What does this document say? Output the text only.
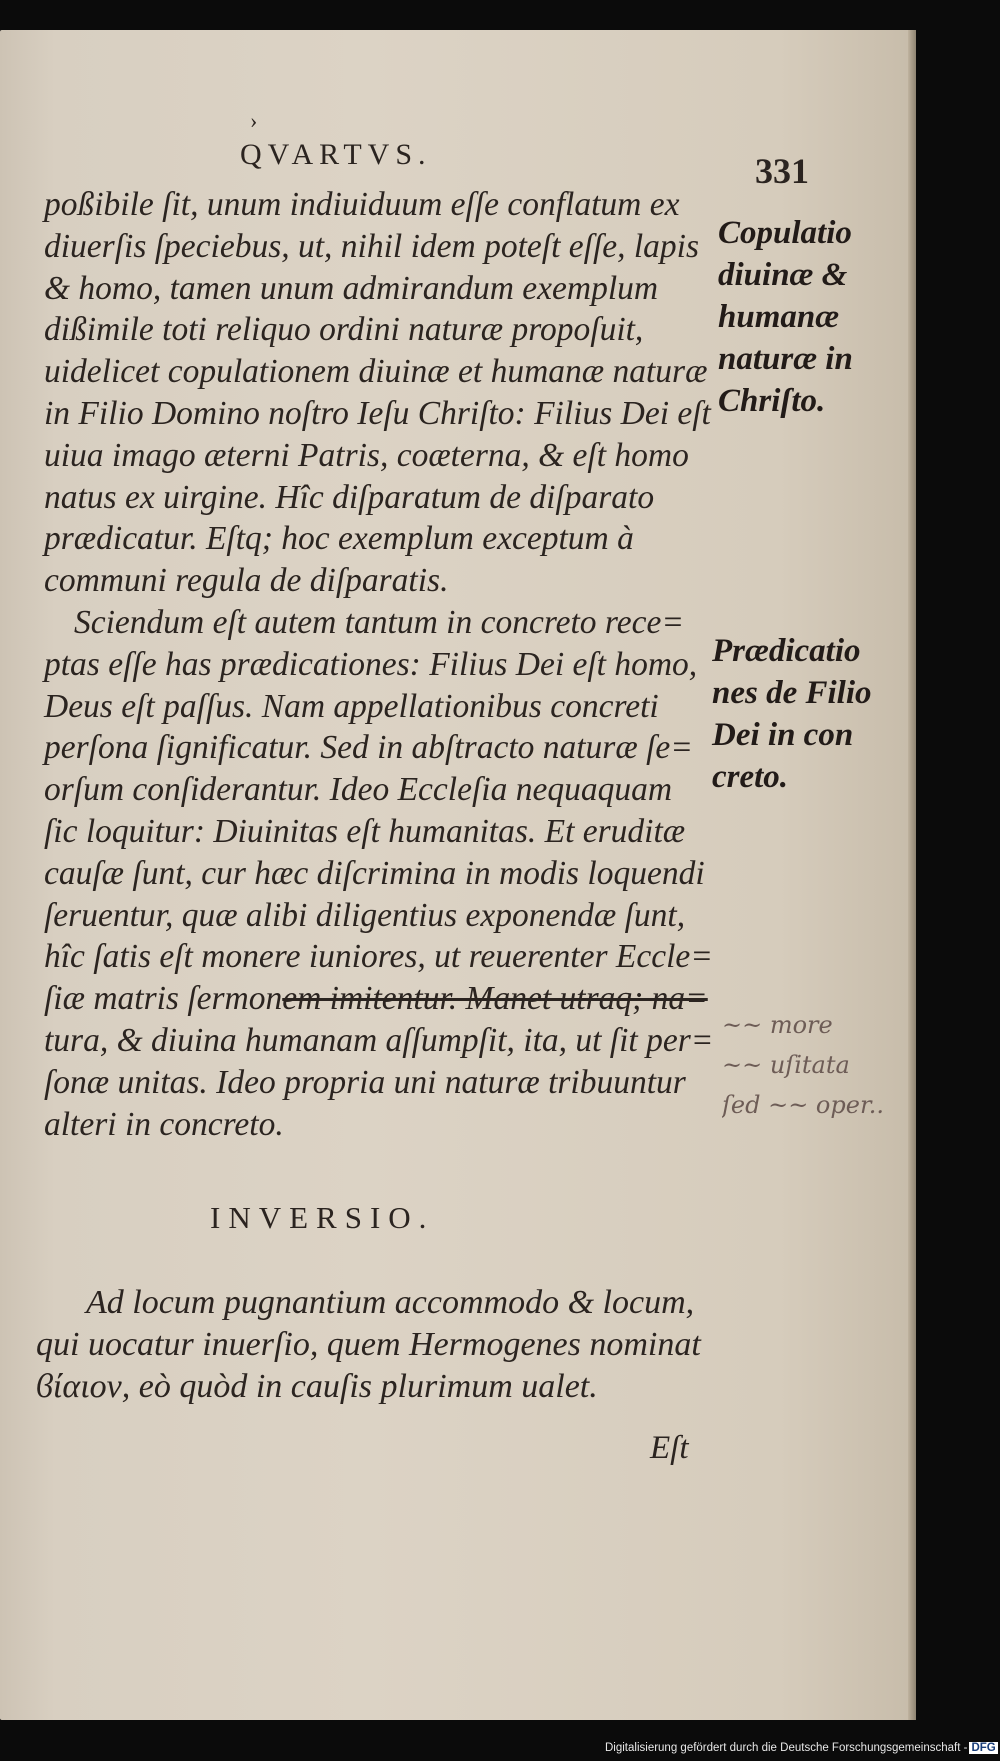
›
QVARTVS.	331
poßibile ſit, unum indiuiduum eſſe conflatum ex
diuerſis ſpeciebus, ut, nihil idem poteſt eſſe, lapis
& homo, tamen unum admirandum exemplum
dißimile toti reliquo ordini naturæ propoſuit,
uidelicet copulationem diuinæ et humanæ naturæ
in Filio Domino noſtro Ieſu Chriſto: Filius Dei eſt
uiua imago æterni Patris, coæterna, & eſt homo
natus ex uirgine. Hîc diſparatum de diſparato
prædicatur. Eſtq; hoc exemplum exceptum à
communi regula de diſparatis.
Sciendum eſt autem tantum in concreto rece=
ptas eſſe has prædicationes: Filius Dei eſt homo,
Deus eſt paſſus. Nam appellationibus concreti
perſona ſignificatur. Sed in abſtracto naturæ ſe=
orſum conſiderantur. Ideo Eccleſia nequaquam
ſic loquitur: Diuinitas eſt humanitas. Et eruditæ
cauſæ ſunt, cur hæc diſcrimina in modis loquendi
ſeruentur, quæ alibi diligentius exponendæ ſunt,
hîc ſatis eſt monere iuniores, ut reuerenter Eccle=
ſiæ matris ſermonem imitentur. Manet utraq; na=
tura, & diuina humanam aſſumpſit, ita, ut ſit per=
ſonæ unitas. Ideo propria uni naturæ tribuuntur
alteri in concreto.
Copulatio
diuinæ &
humanæ
naturæ in
Chriſto.
Prædicatio
nes de Filio
Dei in con
creto.
~~ more
~~ uſitata
ſed ~~ oper..
INVERSIO.
Ad locum pugnantium accommodo & locum,
qui uocatur inuerſio, quem Hermogenes nominat
ϐίαιον, eò quòd in cauſis plurimum ualet.
Eſt
Digitalisierung gefördert durch die Deutsche Forschungsgemeinschaft - DFG
